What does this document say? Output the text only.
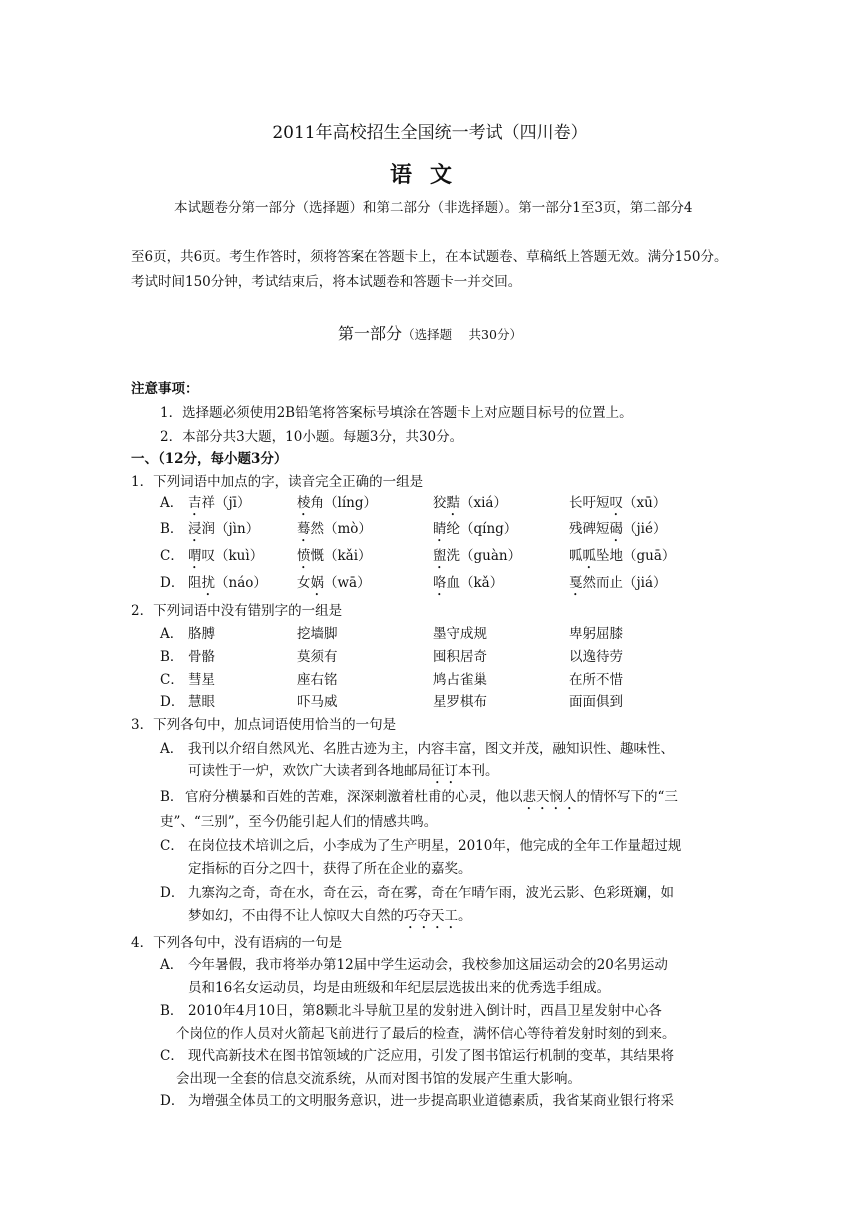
2011年高校招生全国统一考试（四川卷）
语文
本试题卷分第一部分（选择题）和第二部分（非选择题）。第一部分1至3页，第二部分4
至6页，共6页。考生作答时，须将答案在答题卡上，在本试题卷、草稿纸上答题无效。满分150分。考试时间150分钟，考试结束后，将本试题卷和答题卡一并交回。
第一部分（选择题　 共30分）
注意事项：
1．选择题必须使用2B铅笔将答案标号填涂在答题卡上对应题目标号的位置上。
2．本部分共3大题，10小题。每题3分，共30分。
一、（12分，每小题3分）
1．下列词语中加点的字，读音完全正确的一组是
A． 吉祥（jī）	棱角（líng）	狡黠（xiá）	长吁短叹（xū）
B． 浸润（jìn）	蓦然（mò）	睛纶（qíng）	残碑短碣（jié）
C． 喟叹（kuì）	愤慨（kǎi）	盥洗（guàn）	呱呱坠地（guā）
D． 阻扰（náo） 女娲（wā）	咯血（kǎ）	戛然而止（jiá）
2．下列词语中没有错别字的一组是
A． 胳膊	挖墙脚	墨守成规	卑躬屈膝
B． 骨骼	莫须有	囤积居奇	以逸待劳
C． 彗星	座右铭	鸠占雀巢	在所不惜
D． 慧眼	吓马威	星罗棋布	面面俱到
3．下列各句中，加点词语使用恰当的一句是
A． 我刊以介绍自然风光、名胜古迹为主，内容丰富，图文并茂，融知识性、趣味性、
可读性于一炉，欢饮广大读者到各地邮局征订本刊。
B． 官府分横暴和百姓的苦难，深深刺激着杜甫的心灵，他以悲天悯人的情怀写下的“三
吏”、“三别”，至今仍能引起人们的情感共鸣。
C． 在岗位技术培训之后，小李成为了生产明星，2010年，他完成的全年工作量超过规
定指标的百分之四十，获得了所在企业的嘉奖。
D． 九寨沟之奇，奇在水，奇在云，奇在雾，奇在乍晴乍雨，波光云影、色彩斑斓，如
梦如幻，不由得不让人惊叹大自然的巧夺天工。
4．下列各句中，没有语病的一句是
A． 今年暑假，我市将举办第12届中学生运动会，我校参加这届运动会的20名男运动
员和16名女运动员，均是由班级和年纪层层选拔出来的优秀选手组成。
B． 2010年4月10日，第8颗北斗导航卫星的发射进入倒计时，西昌卫星发射中心各
个岗位的作人员对火箭起飞前进行了最后的检查，满怀信心等待着发射时刻的到来。
C． 现代高新技术在图书馆领域的广泛应用，引发了图书馆运行机制的变革，其结果将
会出现一全套的信息交流系统，从而对图书馆的发展产生重大影响。
D． 为增强全体员工的文明服务意识，进一步提高职业道德素质，我省某商业银行将采
